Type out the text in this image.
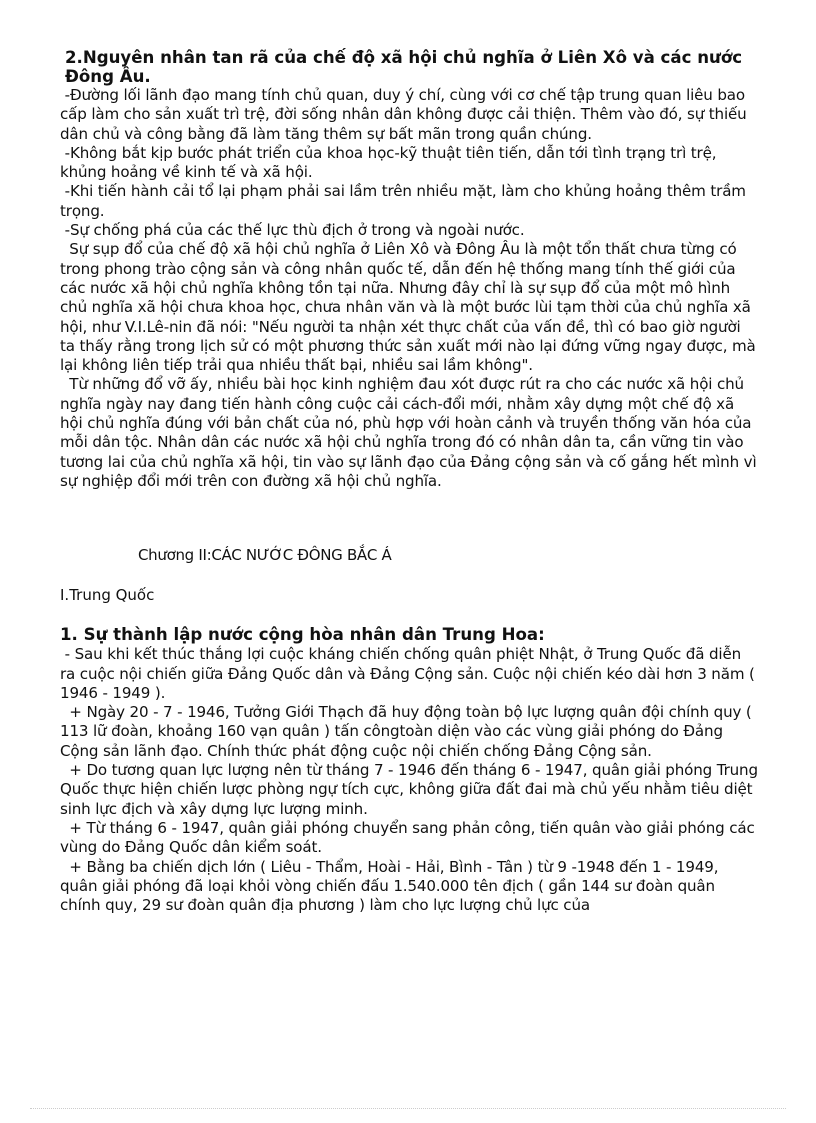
2.Nguyên nhân tan rã của chế độ xã hội chủ nghĩa ở Liên Xô và các nước Đông Âu.

-Đường lối lãnh đạo mang tính chủ quan, duy ý chí, cùng với cơ chế tập trung quan liêu bao cấp làm cho sản xuất trì trệ, đời sống nhân dân không được cải thiện. Thêm vào đó, sự thiếu dân chủ và công bằng đã làm tăng thêm sự bất mãn trong quần chúng.

-Không bắt kịp bước phát triển của khoa học-kỹ thuật tiên tiến, dẫn tới tình trạng trì trệ, khủng hoảng về kinh tế và xã hội.

-Khi tiến hành cải tổ lại phạm phải sai lầm trên nhiều mặt, làm cho khủng hoảng thêm trầm trọng.

-Sự chống phá của các thế lực thù địch ở trong và ngoài nước.

Sự sụp đổ của chế độ xã hội chủ nghĩa ở Liên Xô và Đông Âu là một tổn thất chưa từng có trong phong trào cộng sản và công nhân quốc tế, dẫn đến hệ thống mang tính thế giới của các nước xã hội chủ nghĩa không tồn tại nữa. Nhưng đây chỉ là sự sụp đổ của một mô hình chủ nghĩa xã hội chưa khoa học, chưa nhân văn và là một bước lùi tạm thời của chủ nghĩa xã hội, như V.I.Lê-nin đã nói: "Nếu người ta nhận xét thực chất của vấn đề, thì có bao giờ người ta thấy rằng trong lịch sử có một phương thức sản xuất mới nào lại đứng vững ngay được, mà lại không liên tiếp trải qua nhiều thất bại, nhiều sai lầm không".

Từ những đổ vỡ ấy, nhiều bài học kinh nghiệm đau xót được rút ra cho các nước xã hội chủ nghĩa ngày nay đang tiến hành công cuộc cải cách-đổi mới, nhằm xây dựng một chế độ xã hội chủ nghĩa đúng với bản chất của nó, phù hợp với hoàn cảnh và truyền thống văn hóa của mỗi dân tộc. Nhân dân các nước xã hội chủ nghĩa trong đó có nhân dân ta, cần vững tin vào tương lai của chủ nghĩa xã hội, tin vào sự lãnh đạo của Đảng cộng sản và cố gắng hết mình vì sự nghiệp đổi mới trên con đường xã hội chủ nghĩa.

Chương II:CÁC NƯỚC ĐÔNG BẮC Á

I.Trung Quốc

1. Sự thành lập nước cộng hòa nhân dân Trung Hoa:

- Sau khi kết thúc thắng lợi cuộc kháng chiến chống quân phiệt Nhật, ở Trung Quốc đã diễn ra cuộc nội chiến giữa Đảng Quốc dân và Đảng Cộng sản. Cuộc nội chiến kéo dài hơn 3 năm ( 1946 - 1949 ).

+ Ngày 20 - 7 - 1946, Tưởng Giới Thạch đã huy động toàn bộ lực lượng quân đội chính quy ( 113 lữ đoàn, khoảng 160 vạn quân ) tấn côngtoàn diện vào các vùng giải phóng do Đảng Cộng sản lãnh đạo. Chính thức phát động cuộc nội chiến chống Đảng Cộng sản.

+ Do tương quan lực lượng nên từ tháng 7 - 1946 đến tháng 6 - 1947, quân giải phóng Trung Quốc thực hiện chiến lược phòng ngự tích cực, không giữa đất đai mà chủ yếu nhằm tiêu diệt sinh lực địch và xây dựng lực lượng minh.

+ Từ tháng 6 - 1947, quân giải phóng chuyển sang phản công, tiến quân vào giải phóng các vùng do Đảng Quốc dân kiểm soát.

+ Bằng ba chiến dịch lớn ( Liêu - Thẩm, Hoài - Hải, Bình - Tân ) từ 9 -1948 đến 1 - 1949, quân giải phóng đã loại khỏi vòng chiến đấu 1.540.000 tên địch ( gần 144 sư đoàn quân chính quy, 29 sư đoàn quân địa phương ) làm cho lực lượng chủ lực của
